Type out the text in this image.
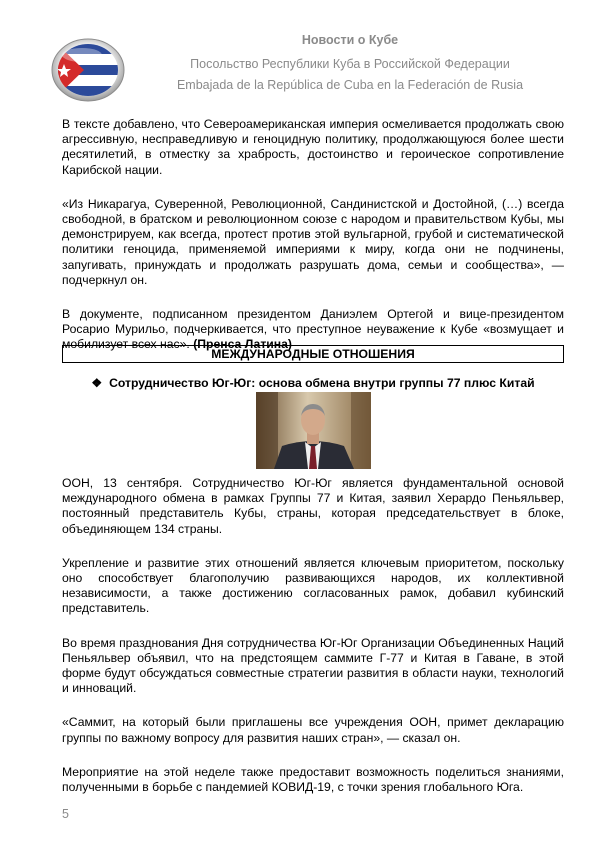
Новости о Кубе
Посольство Республики Куба в Российской Федерации
Embajada de la República de Cuba en la Federación de Rusia

В тексте добавлено, что Североамериканская империя осмеливается продолжать свою агрессивную, несправедливую и геноцидную политику, продолжающуюся более шести десятилетий, в отместку за храбрость, достоинство и героическое сопротивление Карибской нации.

«Из Никарагуа, Суверенной, Революционной, Сандинистской и Достойной, (…) всегда свободной, в братском и революционном союзе с народом и правительством Кубы, мы демонстрируем, как всегда, протест против этой вульгарной, грубой и систематической политики геноцида, применяемой империями к миру, когда они не подчинены, запугивать, принуждать и продолжать разрушать дома, семьи и сообщества», — подчеркнул он.

В документе, подписанном президентом Даниэлем Ортегой и вице-президентом Росарио Мурильо, подчеркивается, что преступное неуважение к Кубе «возмущает и мобилизует всех нас». (Пренса Латина)

МЕЖДУНАРОДНЫЕ ОТНОШЕНИЯ
❖ Сотрудничество Юг-Юг: основа обмена внутри группы 77 плюс Китай

ООН, 13 сентября. Сотрудничество Юг-Юг является фундаментальной основой международного обмена в рамках Группы 77 и Китая, заявил Херардо Пеньяльвер, постоянный представитель Кубы, страны, которая председательствует в блоке, объединяющем 134 страны.

Укрепление и развитие этих отношений является ключевым приоритетом, поскольку оно способствует благополучию развивающихся народов, их коллективной независимости, а также достижению согласованных рамок, добавил кубинский представитель.

Во время празднования Дня сотрудничества Юг-Юг Организации Объединенных Наций Пеньяльвер объявил, что на предстоящем саммите Г-77 и Китая в Гаване, в этой форме будут обсуждаться совместные стратегии развития в области науки, технологий и инноваций.

«Саммит, на который были приглашены все учреждения ООН, примет декларацию группы по важному вопросу для развития наших стран», — сказал он.

Мероприятие на этой неделе также предоставит возможность поделиться знаниями, полученными в борьбе с пандемией КОВИД-19, с точки зрения глобального Юга.

5
